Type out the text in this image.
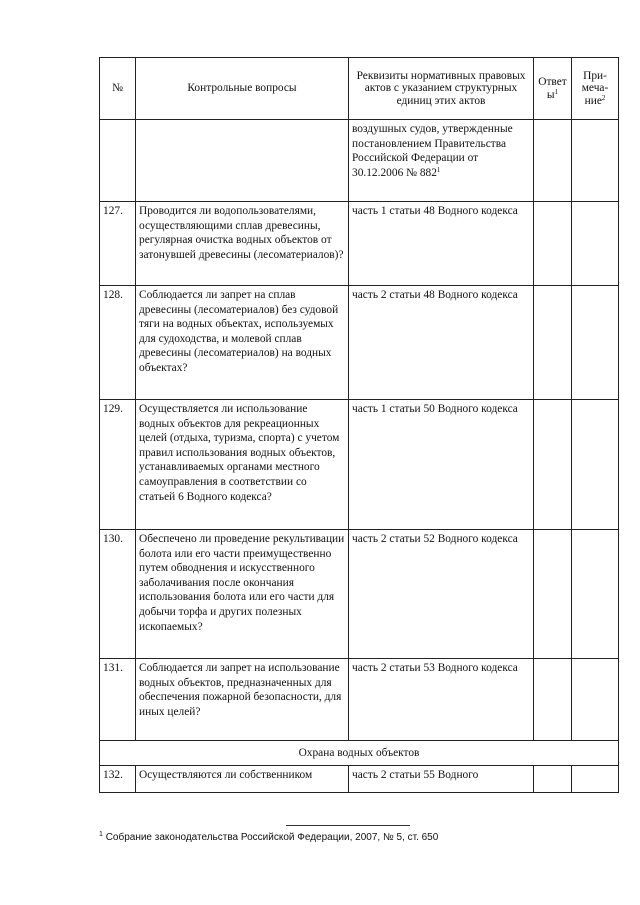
№	Контрольные вопросы	Реквизиты нормативных правовых актов с указанием структурных единиц этих актов	Ответы$^1$	При-меча-ние$^2$
		воздушных судов, утвержденные постановлением Правительства Российской Федерации от 30.12.2006 № $882^1$		
127.	Проводится ли водопользователями, осуществляющими сплав древесины, регулярная очистка водных объектов от затонувшей древесины (лесоматериалов)?	часть 1 статьи 48 Водного кодекса		
128.	Соблюдается ли запрет на сплав древесины (лесоматериалов) без судовой тяги на водных объектах, используемых для судоходства, и молевой сплав древесины (лесоматериалов) на водных объектах?	часть 2 статьи 48 Водного кодекса		
129.	Осуществляется ли использование водных объектов для рекреационных целей (отдыха, туризма, спорта) с учетом правил использования водных объектов, устанавливаемых органами местного самоуправления в соответствии со статьей 6 Водного кодекса?	часть 1 статьи 50 Водного кодекса		
130.	Обеспечено ли проведение рекультивации болота или его части преимущественно путем обводнения и искусственного заболачивания после окончания использования болота или его части для добычи торфа и других полезных ископаемых?	часть 2 статьи 52 Водного кодекса		
131.	Соблюдается ли запрет на использование водных объектов, предназначенных для обеспечения пожарной безопасности, для иных целей?	часть 2 статьи 53 Водного кодекса		
Охрана водных объектов				
132.	Осуществляются ли собственником	часть 2 статьи 55 Водного		
$^1$ Собрание законодательства Российской Федерации, 2007, № 5, ст. 650
